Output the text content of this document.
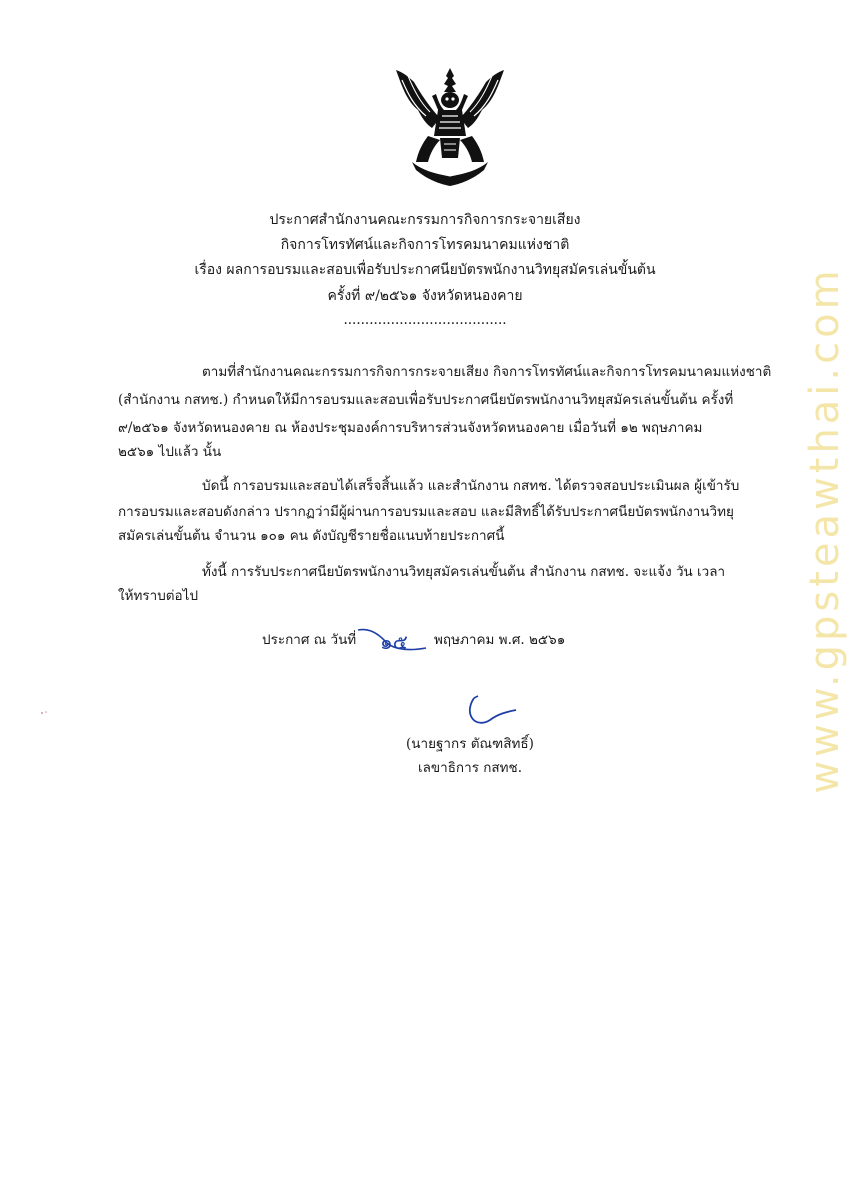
ประกาศสำนักงานคณะกรรมการกิจการกระจายเสียง
กิจการโทรทัศน์และกิจการโทรคมนาคมแห่งชาติ
เรื่อง ผลการอบรมและสอบเพื่อรับประกาศนียบัตรพนักงานวิทยุสมัครเล่นขั้นต้น
ครั้งที่ ๙/๒๕๖๑ จังหวัดหนองคาย
......................................
ตามที่สำนักงานคณะกรรมการกิจการกระจายเสียง กิจการโทรทัศน์และกิจการโทรคมนาคมแห่งชาติ
(สำนักงาน กสทช.) กำหนดให้มีการอบรมและสอบเพื่อรับประกาศนียบัตรพนักงานวิทยุสมัครเล่นขั้นต้น ครั้งที่
๙/๒๕๖๑ จังหวัดหนองคาย ณ ห้องประชุมองค์การบริหารส่วนจังหวัดหนองคาย เมื่อวันที่ ๑๒ พฤษภาคม
๒๕๖๑ ไปแล้ว นั้น
บัดนี้ การอบรมและสอบได้เสร็จสิ้นแล้ว และสำนักงาน กสทช. ได้ตรวจสอบประเมินผล ผู้เข้ารับ
การอบรมและสอบดังกล่าว ปรากฏว่ามีผู้ผ่านการอบรมและสอบ และมีสิทธิ์ได้รับประกาศนียบัตรพนักงานวิทยุ
สมัครเล่นขั้นต้น จำนวน ๑๐๑ คน ดังบัญชีรายชื่อแนบท้ายประกาศนี้
ทั้งนี้ การรับประกาศนียบัตรพนักงานวิทยุสมัครเล่นขั้นต้น สำนักงาน กสทช. จะแจ้ง วัน เวลา
ให้ทราบต่อไป
ประกาศ ณ วันที่ ๑๕ พฤษภาคม พ.ศ. ๒๕๖๑
(นายฐากร ตัณฑสิทธิ์)
เลขาธิการ กสทช.	www.gpsteawthai.com
